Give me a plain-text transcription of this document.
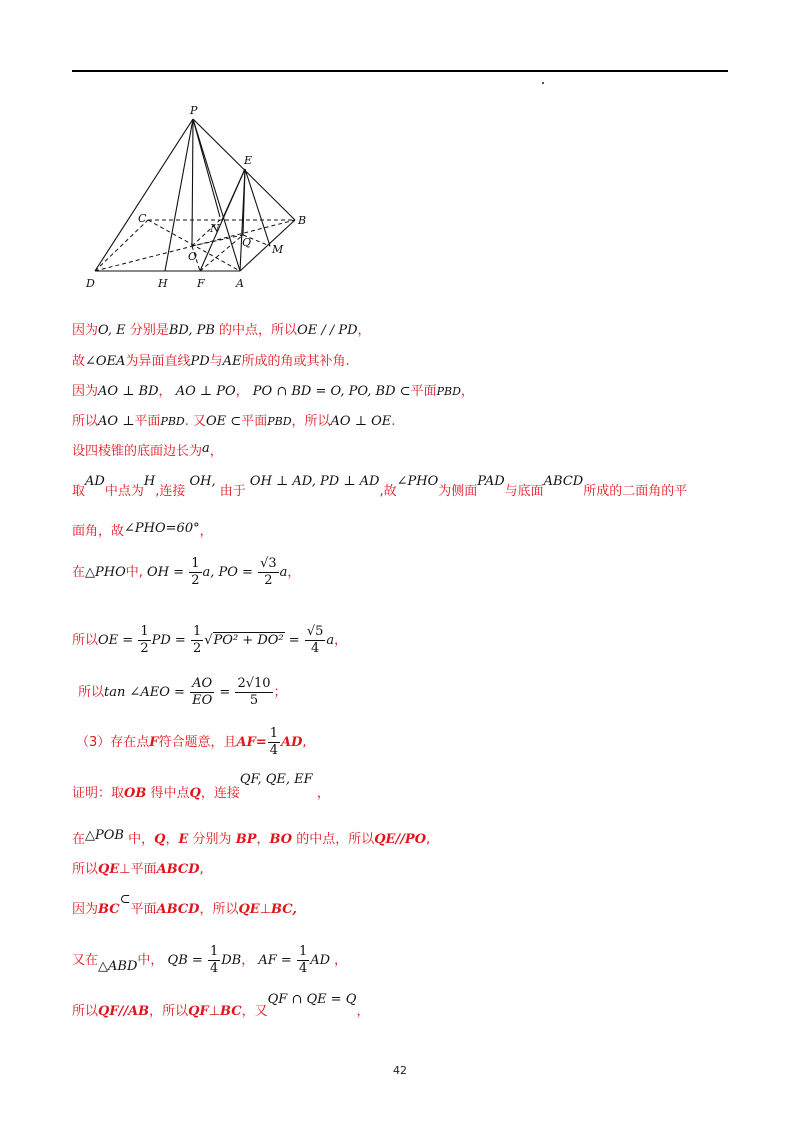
P
E
C	B
N
Q
M
O
D	H	F	A
因为O, E 分别是BD, PB 的中点，所以OE / / PD，
故∠OEA为异面直线PD与AE所成的角或其补角.
因为AO ⊥ BD， AO ⊥ PO， PO ∩ BD = O, PO, BD ⊂平面PBD，
所以AO ⊥平面PBD. 又OE ⊂平面PBD，所以AO ⊥ OE.
设四棱锥的底面边长为a，
取AD中点为H,连接 OH, 由于 OH ⊥ AD, PD ⊥ AD,故∠PHO为侧面PAD与底面ABCD所成的二面角的平
面角，故∠PHO=60°，
在△PHO中, OH = $\frac{1}{2} a$, PO = $\frac{√3}{2}$ a，
所以OE = $\frac{1}{2}$ PD = $\frac{1}{2} √PO^2 + DO^2 = \frac{√5}{4}$ a，
所以tan ∠AEO = $\frac{AO}{EO} = \frac{2√10}{5}$ ；
（3）存在点F符合题意，且$AF= \frac{1}{4}$ AD,
证明：取OB 得中点Q，连接QF, QE, EF ，
在△POB 中，Q，E 分别为 BP，BO 的中点，所以QE//PO,
所以QE⊥平面ABCD,
因为BC⊂平面ABCD，所以QE⊥BC,
又在△ABD中， QB = $\frac{1}{4}$ DB， AF = $\frac{1}{4}$ AD ，
所以QF//AB，所以QF⊥BC，又QF ∩ QE = Q，
42
